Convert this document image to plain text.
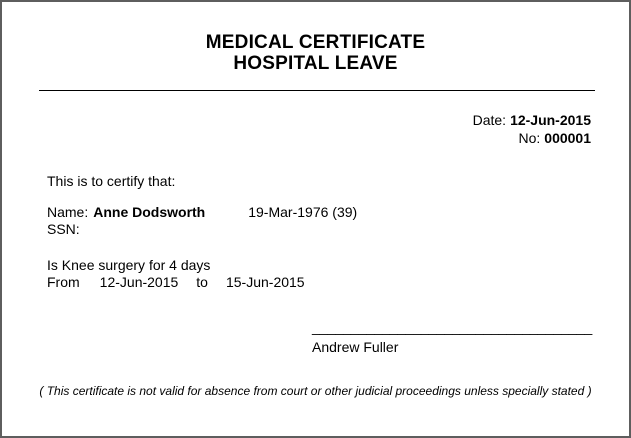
MEDICAL CERTIFICATE
HOSPITAL LEAVE
Date: 12-Jun-2015
No: 000001
This is to certify that:
Name: Anne Dodsworth	19-Mar-1976 (39)
SSN:
Is Knee surgery for 4 days
From 12-Jun-2015 to 15-Jun-2015
____________________________________
Andrew Fuller
( This certificate is not valid for absence from court or other judicial proceedings unless specially stated )
